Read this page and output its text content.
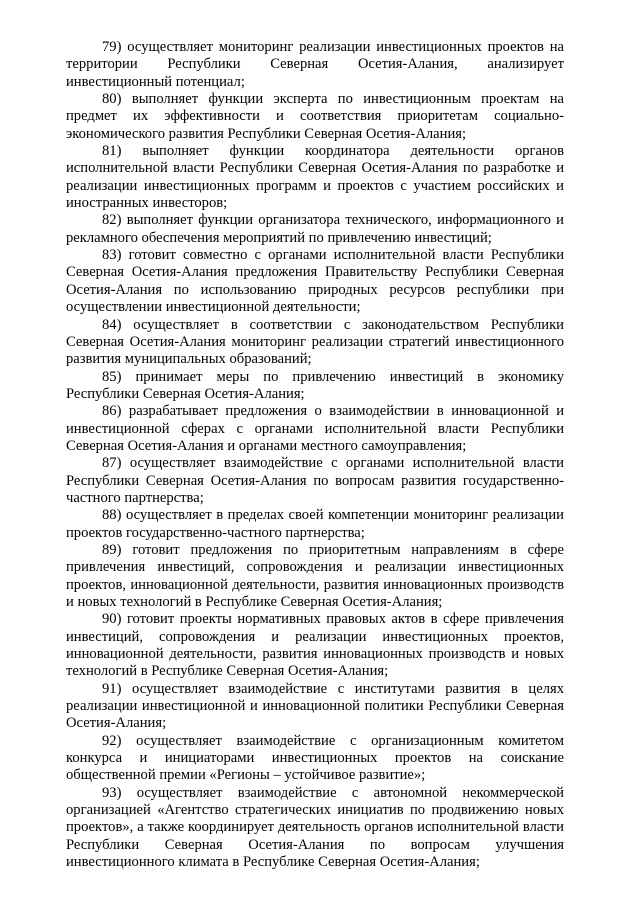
79) осуществляет мониторинг реализации инвестиционных проектов на территории Республики Северная Осетия-Алания, анализирует инвестиционный потенциал;

80) выполняет функции эксперта по инвестиционным проектам на предмет их эффективности и соответствия приоритетам социально-экономического развития Республики Северная Осетия-Алания;

81) выполняет функции координатора деятельности органов исполнительной власти Республики Северная Осетия-Алания по разработке и реализации инвестиционных программ и проектов с участием российских и иностранных инвесторов;

82) выполняет функции организатора технического, информационного и рекламного обеспечения мероприятий по привлечению инвестиций;

83) готовит совместно с органами исполнительной власти Республики Северная Осетия-Алания предложения Правительству Республики Северная Осетия-Алания по использованию природных ресурсов республики при осуществлении инвестиционной деятельности;

84) осуществляет в соответствии с законодательством Республики Северная Осетия-Алания мониторинг реализации стратегий инвестиционного развития муниципальных образований;

85) принимает меры по привлечению инвестиций в экономику Республики Северная Осетия-Алания;

86) разрабатывает предложения о взаимодействии в инновационной и инвестиционной сферах с органами исполнительной власти Республики Северная Осетия-Алания и органами местного самоуправления;

87) осуществляет взаимодействие с органами исполнительной власти Республики Северная Осетия-Алания по вопросам развития государственно-частного партнерства;

88) осуществляет в пределах своей компетенции мониторинг реализации проектов государственно-частного партнерства;

89) готовит предложения по приоритетным направлениям в сфере привлечения инвестиций, сопровождения и реализации инвестиционных проектов, инновационной деятельности, развития инновационных производств и новых технологий в Республике Северная Осетия-Алания;

90) готовит проекты нормативных правовых актов в сфере привлечения инвестиций, сопровождения и реализации инвестиционных проектов, инновационной деятельности, развития инновационных производств и новых технологий в Республике Северная Осетия-Алания;

91) осуществляет взаимодействие с институтами развития в целях реализации инвестиционной и инновационной политики Республики Северная Осетия-Алания;

92) осуществляет взаимодействие с организационным комитетом конкурса и инициаторами инвестиционных проектов на соискание общественной премии «Регионы – устойчивое развитие»;

93) осуществляет взаимодействие с автономной некоммерческой организацией «Агентство стратегических инициатив по продвижению новых проектов», а также координирует деятельность органов исполнительной власти Республики Северная Осетия-Алания по вопросам улучшения инвестиционного климата в Республике Северная Осетия-Алания;
